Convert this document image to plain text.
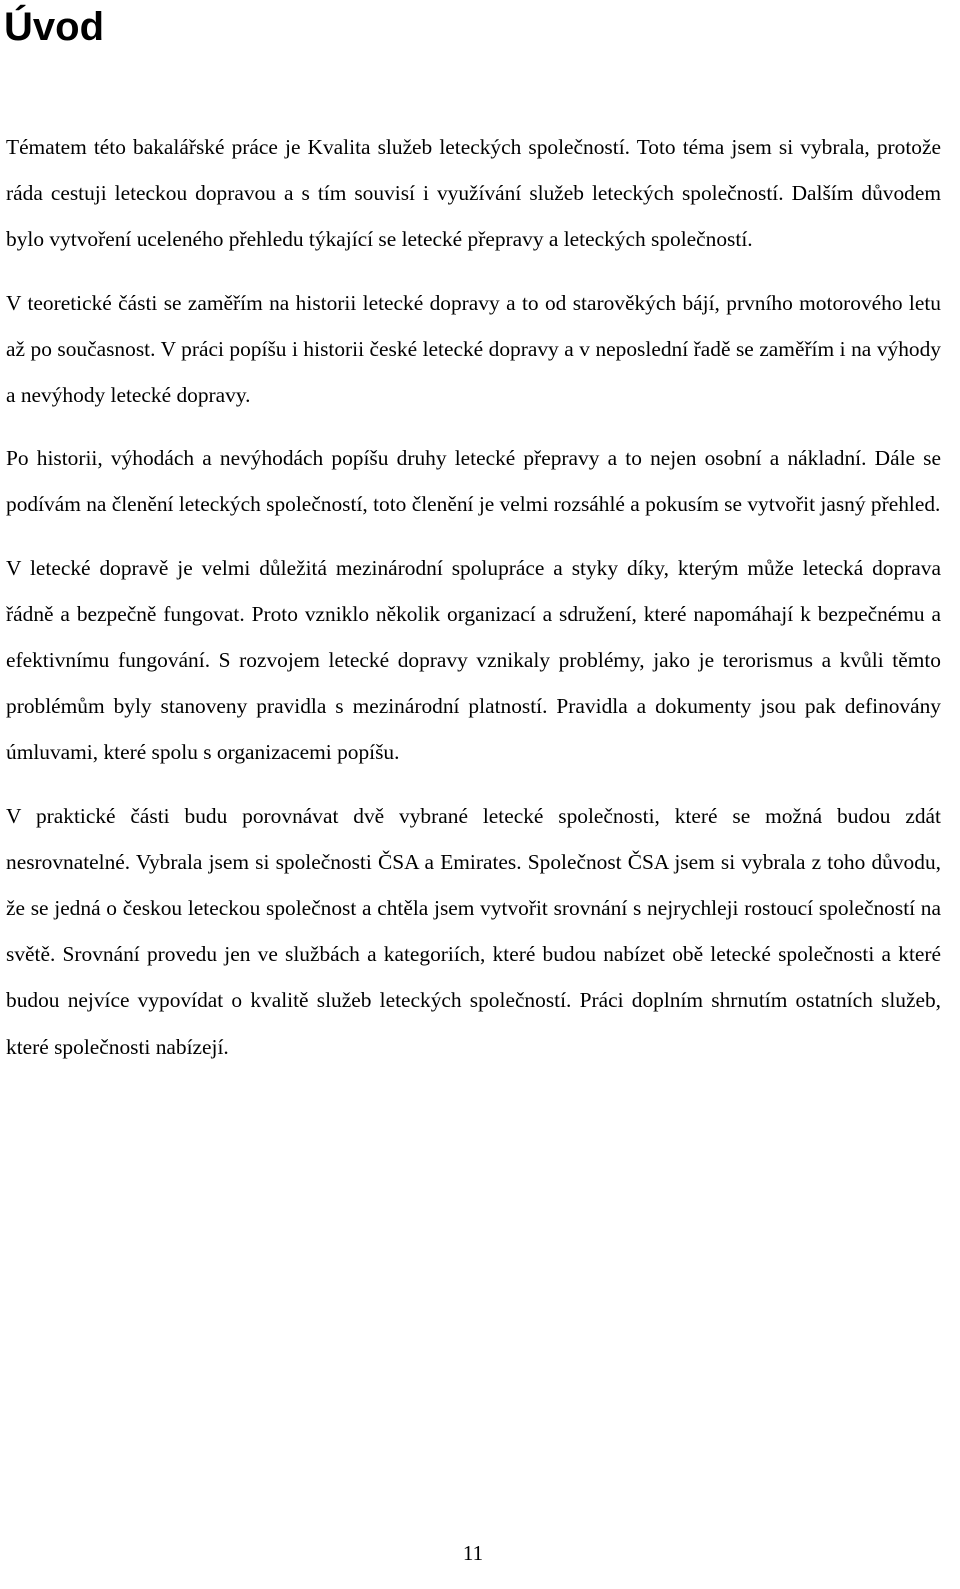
Úvod

Tématem této bakalářské práce je Kvalita služeb leteckých společností. Toto téma jsem si vybrala, protože ráda cestuji leteckou dopravou a s tím souvisí i využívání služeb leteckých společností. Dalším důvodem bylo vytvoření uceleného přehledu týkající se letecké přepravy a leteckých společností.

V teoretické části se zaměřím na historii letecké dopravy a to od starověkých bájí, prvního motorového letu až po současnost. V práci popíšu i historii české letecké dopravy a v neposlední řadě se zaměřím i na výhody a nevýhody letecké dopravy.

Po historii, výhodách a nevýhodách popíšu druhy letecké přepravy a to nejen osobní a nákladní. Dále se podívám na členění leteckých společností, toto členění je velmi rozsáhlé a pokusím se vytvořit jasný přehled.

V letecké dopravě je velmi důležitá mezinárodní spolupráce a styky díky, kterým může letecká doprava řádně a bezpečně fungovat. Proto vzniklo několik organizací a sdružení, které napomáhají k bezpečnému a efektivnímu fungování. S rozvojem letecké dopravy vznikaly problémy, jako je terorismus a kvůli těmto problémům byly stanoveny pravidla s mezinárodní platností. Pravidla a dokumenty jsou pak definovány úmluvami, které spolu s organizacemi popíšu.

V praktické části budu porovnávat dvě vybrané letecké společnosti, které se možná budou zdát nesrovnatelné. Vybrala jsem si společnosti ČSA a Emirates. Společnost ČSA jsem si vybrala z toho důvodu, že se jedná o českou leteckou společnost a chtěla jsem vytvořit srovnání s nejrychleji rostoucí společností na světě. Srovnání provedu jen ve službách a kategoriích, které budou nabízet obě letecké společnosti a které budou nejvíce vypovídat o kvalitě služeb leteckých společností. Práci doplním shrnutím ostatních služeb, které společnosti nabízejí.

11
